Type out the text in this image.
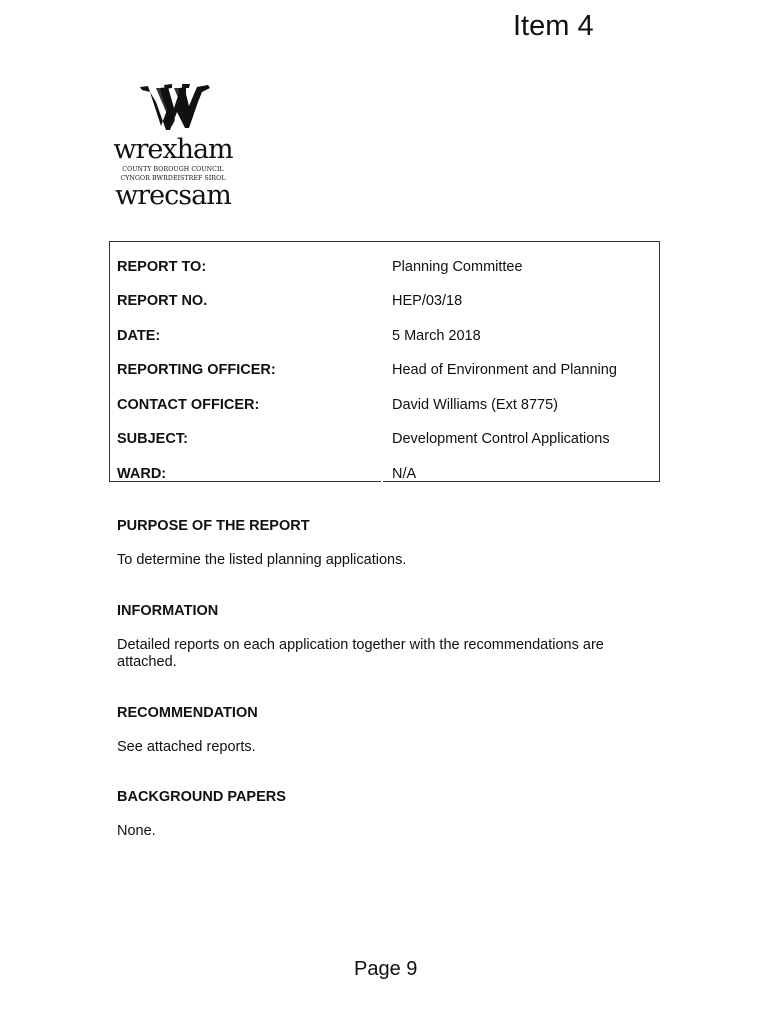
Item 4
wrexham
COUNTY BOROUGH COUNCIL
CYNGOR BWRDEISTREF SIROL
wrecsam
REPORT TO:	Planning Committee
REPORT NO.	HEP/03/18
DATE:	5 March 2018
REPORTING OFFICER:	Head of Environment and Planning
CONTACT OFFICER:	David Williams (Ext 8775)
SUBJECT:	Development Control Applications
WARD:	N/A
PURPOSE OF THE REPORT
To determine the listed planning applications.
INFORMATION
Detailed reports on each application together with the recommendations are attached.
RECOMMENDATION
See attached reports.
BACKGROUND PAPERS
None.
Page 9
